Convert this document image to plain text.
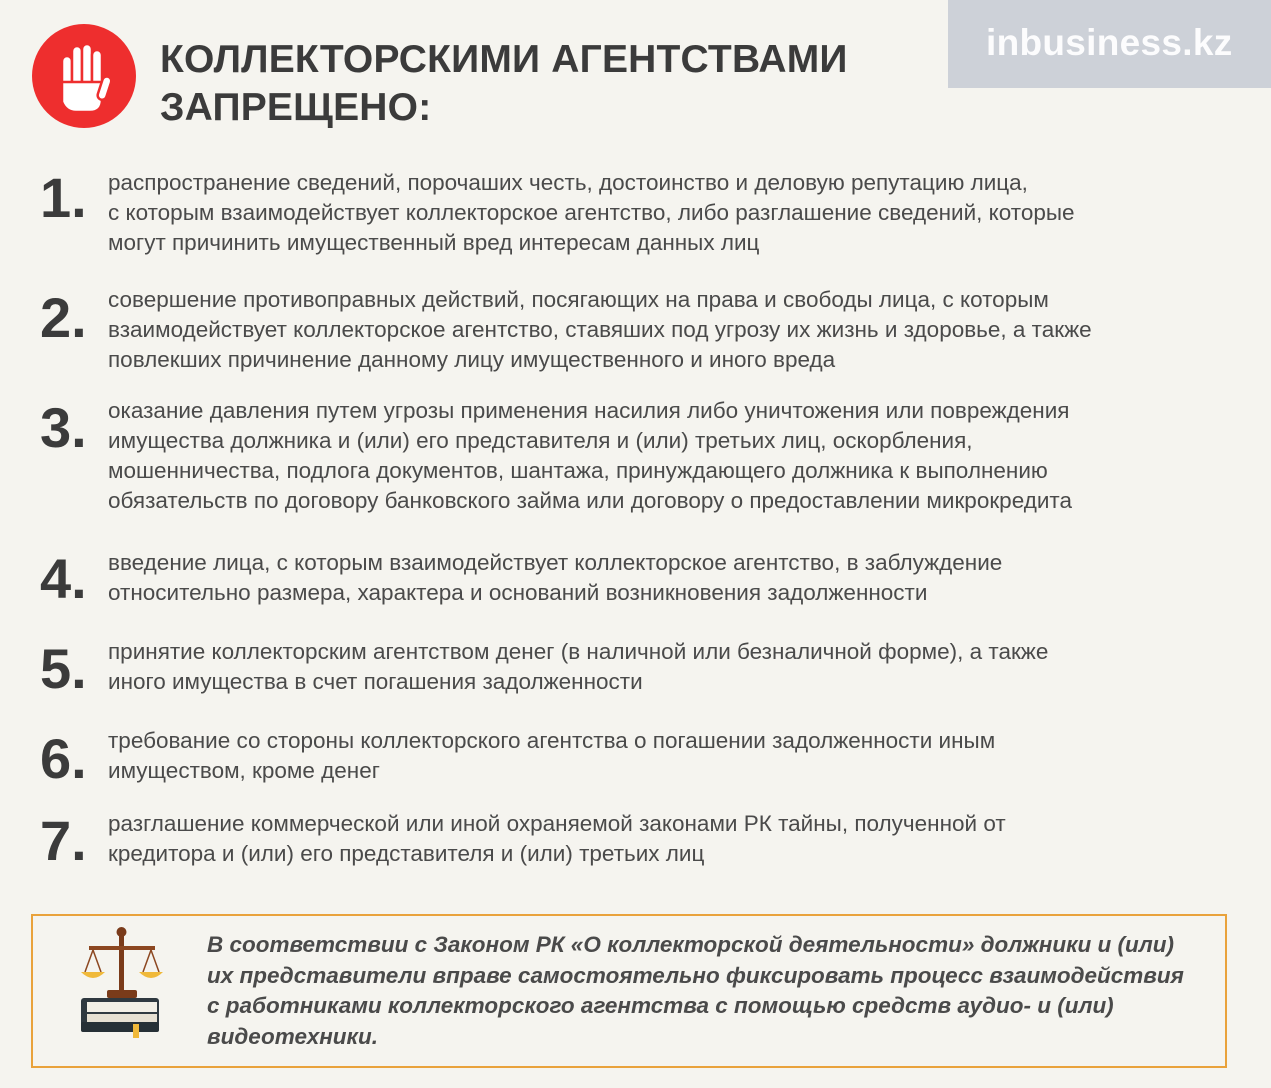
КОЛЛЕКТОРСКИМИ АГЕНТСТВАМИ
ЗАПРЕЩЕНО:
inbusiness.kz
1. распространение сведений, порочаших честь, достоинство и деловую репутацию лица,
с которым взаимодействует коллекторское агентство, либо разглашение сведений, которые
могут причинить имущественный вред интересам данных лиц
2. совершение противоправных действий, посягающих на права и свободы лица, с которым
взаимодействует коллекторское агентство, ставяших под угрозу их жизнь и здоровье, а также
повлекших причинение данному лицу имущественного и иного вреда
3. оказание давления путем угрозы применения насилия либо уничтожения или повреждения
имущества должника и (или) его представителя и (или) третьих лиц, оскорбления,
мошенничества, подлога документов, шантажа, принуждающего должника к выполнению
обязательств по договору банковского займа или договору о предоставлении микрокредита
4. введение лица, с которым взаимодействует коллекторское агентство, в заблуждение
относительно размера, характера и оснований возникновения задолженности
5. принятие коллекторским агентством денег (в наличной или безналичной форме), а также
иного имущества в счет погашения задолженности
6. требование со стороны коллекторского агентства о погашении задолженности иным
имуществом, кроме денег
7. разглашение коммерческой или иной охраняемой законами РК тайны, полученной от
кредитора и (или) его представителя и (или) третьих лиц
В соответствии с Законом РК «О коллекторской деятельности» должники и (или)
их представители вправе самостоятельно фиксировать процесс взаимодействия
с работниками коллекторского агентства с помощью средств аудио- и (или)
видеотехники.
